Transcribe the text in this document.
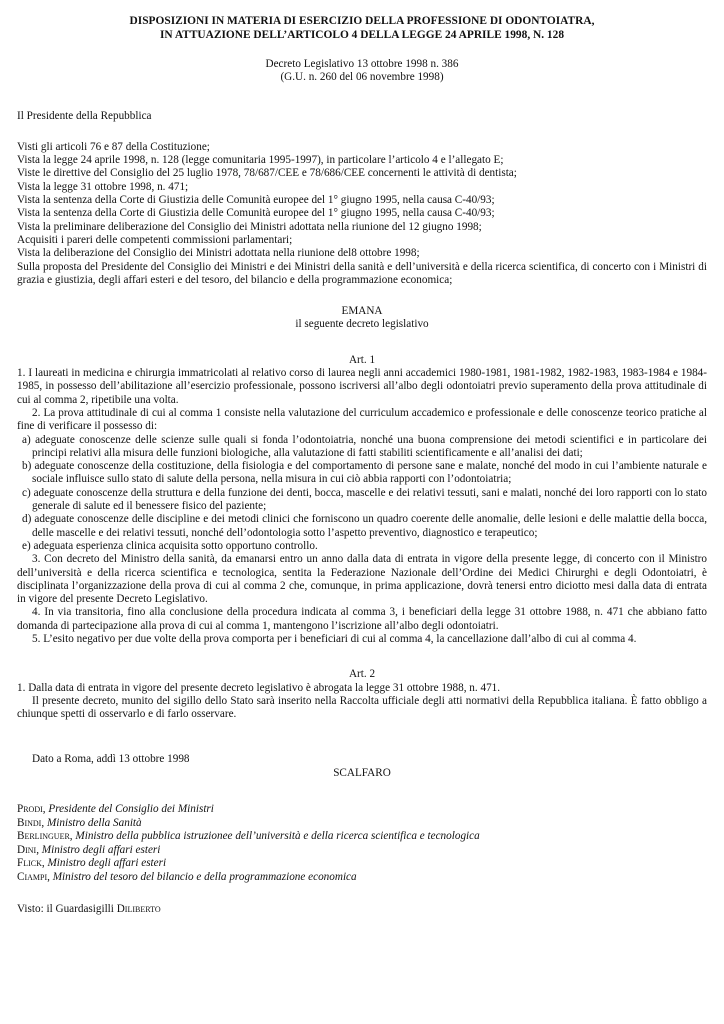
DISPOSIZIONI IN MATERIA DI ESERCIZIO DELLA PROFESSIONE DI ODONTOIATRA,
IN ATTUAZIONE DELL’ARTICOLO 4 DELLA LEGGE 24 APRILE 1998, N. 128
Decreto Legislativo 13 ottobre 1998 n. 386
(G.U. n. 260 del 06 novembre 1998)

Il Presidente della Repubblica

Visti gli articoli 76 e 87 della Costituzione;

Vista la legge 24 aprile 1998, n. 128 (legge comunitaria 1995-1997), in particolare l’articolo 4 e l’allegato E;

Viste le direttive del Consiglio del 25 luglio 1978, 78/687/CEE e 78/686/CEE concernenti le attività di dentista;

Vista la legge 31 ottobre 1998, n. 471;

Vista la sentenza della Corte di Giustizia delle Comunità europee del 1° giugno 1995, nella causa C-40/93;

Vista la sentenza della Corte di Giustizia delle Comunità europee del 1° giugno 1995, nella causa C-40/93;

Vista la preliminare deliberazione del Consiglio dei Ministri adottata nella riunione del 12 giugno 1998;

Acquisiti i pareri delle competenti commissioni parlamentari;

Vista la deliberazione del Consiglio dei Ministri adottata nella riunione del8 ottobre 1998;

Sulla proposta del Presidente del Consiglio dei Ministri e dei Ministri della sanità e dell’università e della ricerca scientifica, di concerto con i Ministri di grazia e giustizia, degli affari esteri e del tesoro, del bilancio e della programmazione economica;

EMANA
il seguente decreto legislativo
Art. 1

1. I laureati in medicina e chirurgia immatricolati al relativo corso di laurea negli anni accademici 1980-1981, 1981-1982, 1982-1983, 1983-1984 e 1984-1985, in possesso dell’abilitazione all’esercizio professionale, possono iscriversi all’albo degli odontoiatri previo superamento della prova attitudinale di cui al comma 2, ripetibile una volta.

2. La prova attitudinale di cui al comma 1 consiste nella valutazione del curriculum accademico e professionale e delle conoscenze teorico pratiche al fine di verificare il possesso di:

a) adeguate conoscenze delle scienze sulle quali si fonda l’odontoiatria, nonché una buona comprensione dei metodi scientifici e in particolare dei principi relativi alla misura delle funzioni biologiche, alla valutazione di fatti stabiliti scientificamente e all’analisi dei dati;

b) adeguate conoscenze della costituzione, della fisiologia e del comportamento di persone sane e malate, nonché del modo in cui l’ambiente naturale e sociale influisce sullo stato di salute della persona, nella misura in cui ciò abbia rapporti con l’odontoiatria;

c) adeguate conoscenze della struttura e della funzione dei denti, bocca, mascelle e dei relativi tessuti, sani e malati, nonché dei loro rapporti con lo stato generale di salute ed il benessere fisico del paziente;

d) adeguate conoscenze delle discipline e dei metodi clinici che forniscono un quadro coerente delle anomalie, delle lesioni e delle malattie della bocca, delle mascelle e dei relativi tessuti, nonché dell’odontologia sotto l’aspetto preventivo, diagnostico e terapeutico;

e) adeguata esperienza clinica acquisita sotto opportuno controllo.

3. Con decreto del Ministro della sanità, da emanarsi entro un anno dalla data di entrata in vigore della presente legge, di concerto con il Ministro dell’università e della ricerca scientifica e tecnologica, sentita la Federazione Nazionale dell’Ordine dei Medici Chirurghi e degli Odontoiatri, è disciplinata l’organizzazione della prova di cui al comma 2 che, comunque, in prima applicazione, dovrà tenersi entro diciotto mesi dalla data di entrata in vigore del presente Decreto Legislativo.

4. In via transitoria, fino alla conclusione della procedura indicata al comma 3, i beneficiari della legge 31 ottobre 1988, n. 471 che abbiano fatto domanda di partecipazione alla prova di cui al comma 1, mantengono l’iscrizione all’albo degli odontoiatri.

5. L’esito negativo per due volte della prova comporta per i beneficiari di cui al comma 4, la cancellazione dall’albo di cui al comma 4.

Art. 2

1. Dalla data di entrata in vigore del presente decreto legislativo è abrogata la legge 31 ottobre 1988, n. 471.

Il presente decreto, munito del sigillo dello Stato sarà inserito nella Raccolta ufficiale degli atti normativi della Repubblica italiana. È fatto obbligo a chiunque spetti di osservarlo e di farlo osservare.

Dato a Roma, addì 13 ottobre 1998
SCALFARO
Prodi, Presidente del Consiglio dei Ministri
Bindi, Ministro della Sanità
Berlinguer, Ministro della pubblica istruzionee dell’università e della ricerca scientifica e tecnologica
Dini, Ministro degli affari esteri
Flick, Ministro degli affari esteri
Ciampi, Ministro del tesoro del bilancio e della programmazione economica
Visto: il Guardasigilli Diliberto
